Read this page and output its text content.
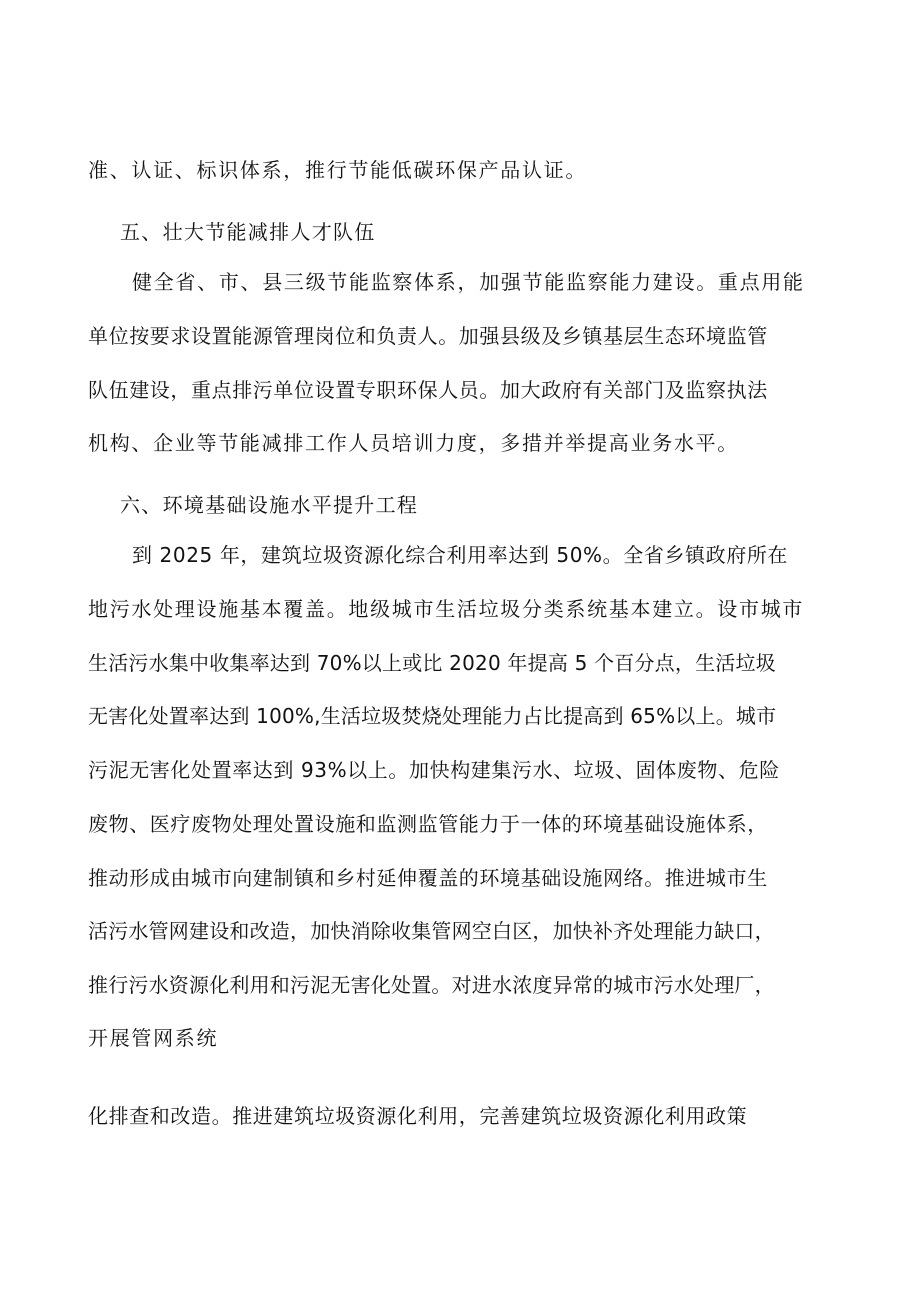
准、认证、标识体系，推行节能低碳环保产品认证。
五、壮大节能减排人才队伍
健全省、市、县三级节能监察体系，加强节能监察能力建设。重点用能
单位按要求设置能源管理岗位和负责人。加强县级及乡镇基层生态环境监管
队伍建设，重点排污单位设置专职环保人员。加大政府有关部门及监察执法
机构、企业等节能减排工作人员培训力度，多措并举提高业务水平。
六、环境基础设施水平提升工程
到 2025 年，建筑垃圾资源化综合利用率达到 50%。全省乡镇政府所在
地污水处理设施基本覆盖。地级城市生活垃圾分类系统基本建立。设市城市
生活污水集中收集率达到 70%以上或比 2020 年提高 5 个百分点，生活垃圾
无害化处置率达到 100%,生活垃圾焚烧处理能力占比提高到 65%以上。城市
污泥无害化处置率达到 93%以上。加快构建集污水、垃圾、固体废物、危险
废物、医疗废物处理处置设施和监测监管能力于一体的环境基础设施体系，
推动形成由城市向建制镇和乡村延伸覆盖的环境基础设施网络。推进城市生
活污水管网建设和改造，加快消除收集管网空白区，加快补齐处理能力缺口，
推行污水资源化利用和污泥无害化处置。对进水浓度异常的城市污水处理厂，
开展管网系统
化排查和改造。推进建筑垃圾资源化利用，完善建筑垃圾资源化利用政策
